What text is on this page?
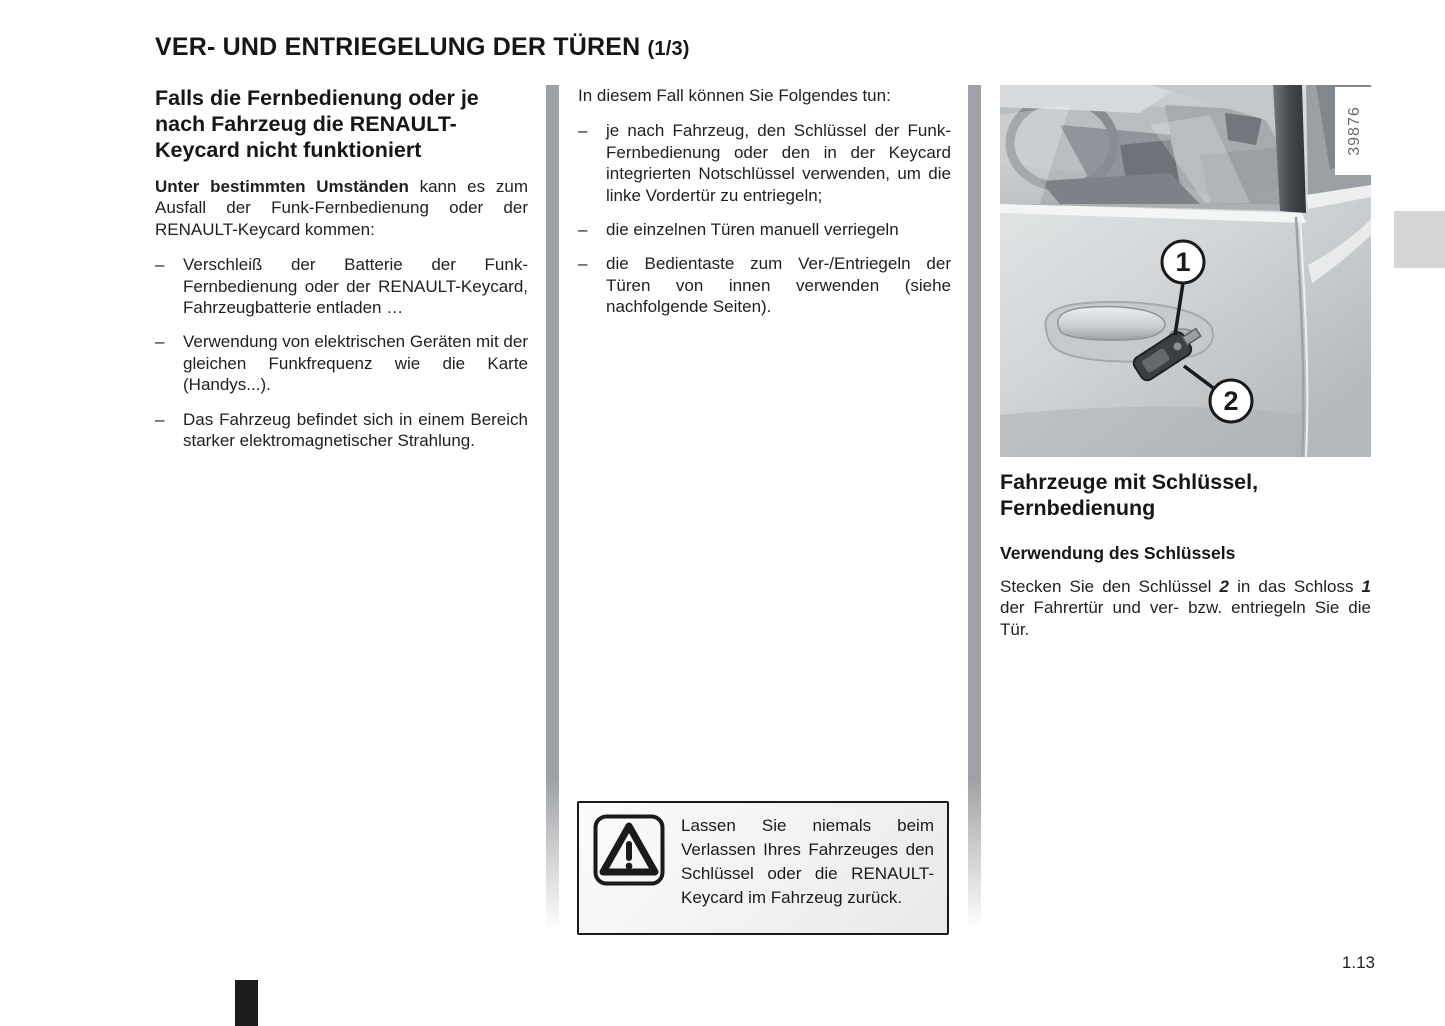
VER- UND ENTRIEGELUNG DER TÜREN (1/3)
Falls die Fernbedienung oder je nach Fahrzeug die RENAULT-Keycard nicht funktioniert

Unter bestimmten Umständen kann es zum Ausfall der Funk-Fernbedienung oder der RENAULT-Keycard kommen:

–	Verschleiß der Batterie der Funk-Fernbedienung oder der RENAULT-Keycard, Fahrzeugbatterie entladen …

–	Verwendung von elektrischen Geräten mit der gleichen Funkfrequenz wie die Karte (Handys...).

–	Das Fahrzeug befindet sich in einem Bereich starker elektromagnetischer Strahlung.

In diesem Fall können Sie Folgendes tun:

–	je nach Fahrzeug, den Schlüssel der Funk-Fernbedienung oder den in der Keycard integrierten Notschlüssel verwenden, um die linke Vordertür zu entriegeln;

–	die einzelnen Türen manuell verriegeln

–	die Bedientaste zum Ver-/Entriegeln der Türen von innen verwenden (siehe nachfolgende Seiten).

1
2
39876
Fahrzeuge mit Schlüssel, Fernbedienung
Verwendung des Schlüssels

Stecken Sie den Schlüssel 2 in das Schloss 1 der Fahrertür und ver- bzw. entriegeln Sie die Tür.

Lassen Sie niemals beim Verlassen Ihres Fahrzeuges den Schlüssel oder die RENAULT-Keycard im Fahrzeug zurück.

1.13
